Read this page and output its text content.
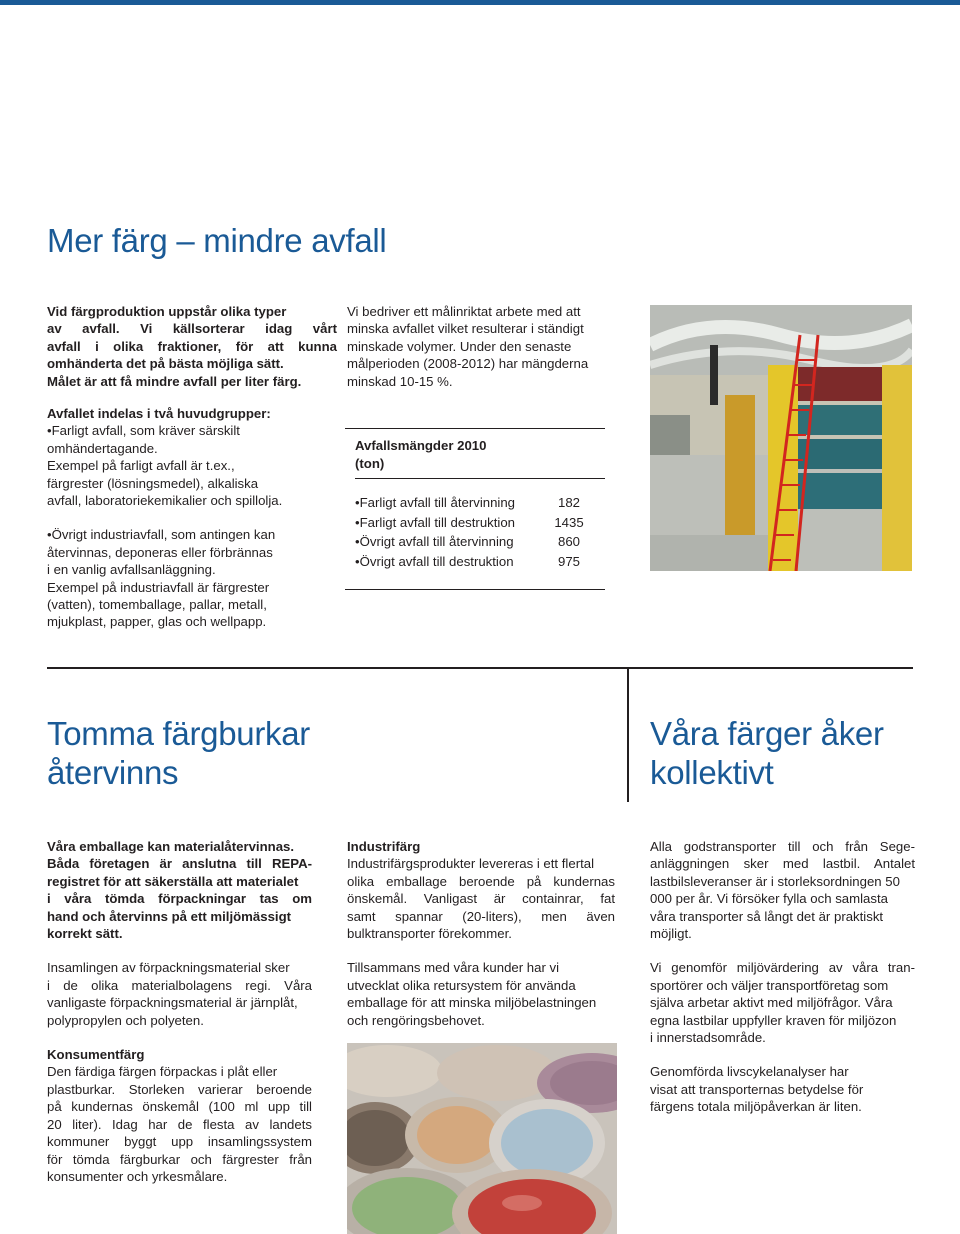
Mer färg – mindre avfall

Vid färgproduktion uppstår olika typer

av avfall. Vi källsorterar idag vårt

avfall i olika fraktioner, för att kunna

omhänderta det på bästa möjliga sätt.

Målet är att få mindre avfall per liter färg.

Avfallet indelas i två huvudgrupper:

• Farligt avfall, som kräver särskilt

omhändertagande.

Exempel på farligt avfall är t.ex.,

färgrester (lösningsmedel), alkaliska

avfall, laboratoriekemikalier och spillolja.

• Övrigt industriavfall, som antingen kan

återvinnas, deponeras eller förbrännas

i en vanlig avfallsanläggning.

Exempel på industriavfall är färgrester

(vatten), tomemballage, pallar, metall,

mjukplast, papper, glas och wellpapp.

Vi bedriver ett målinriktat arbete med att

minska avfallet vilket resulterar i ständigt

minskade volymer. Under den senaste

målperioden (2008-2012) har mängderna

minskad 10-15 %.

Avfallsmängder 2010
(ton)
• Farligt avfall till återvinning	182
• Farligt avfall till destruktion	1435
• Övrigt avfall till återvinning	860
• Övrigt avfall till destruktion	975
Tomma färgburkar
återvinns
Våra färger åker
kollektivt

Våra emballage kan materialåtervinnas.

Båda företagen är anslutna till REPA-

registret för att säkerställa att materialet

i våra tömda förpackningar tas om

hand och återvinns på ett miljömässigt

korrekt sätt.

Insamlingen av förpackningsmaterial sker

i de olika materialbolagens regi. Våra

vanligaste förpackningsmaterial är järnplåt,

polypropylen och polyeten.

Konsumentfärg

Den färdiga färgen förpackas i plåt eller

plastburkar. Storleken varierar beroende

på kundernas önskemål (100 ml upp till

20 liter). Idag har de flesta av landets

kommuner byggt upp insamlingssystem

för tömda färgburkar och färgrester från

konsumenter och yrkesmålare.

Industrifärg

Industrifärgsprodukter levereras i ett flertal

olika emballage beroende på kundernas

önskemål. Vanligast är containrar, fat

samt spannar (20-liters), men även

bulktransporter förekommer.

Tillsammans med våra kunder har vi

utvecklat olika retursystem för använda

emballage för att minska miljöbelastningen

och rengöringsbehovet.

Alla godstransporter till och från Sege-

anläggningen sker med lastbil. Antalet

lastbilsleveranser är i storleksordningen 50

000 per år. Vi försöker fylla och samlasta

våra transporter så långt det är praktiskt

möjligt.

Vi genomför miljövärdering av våra tran-

sportörer och väljer transportföretag som

själva arbetar aktivt med miljöfrågor. Våra

egna lastbilar uppfyller kraven för miljözon

i innerstadsområde.

Genomförda livscykelanalyser har

visat att transporternas betydelse för

färgens totala miljöpåverkan är liten.
